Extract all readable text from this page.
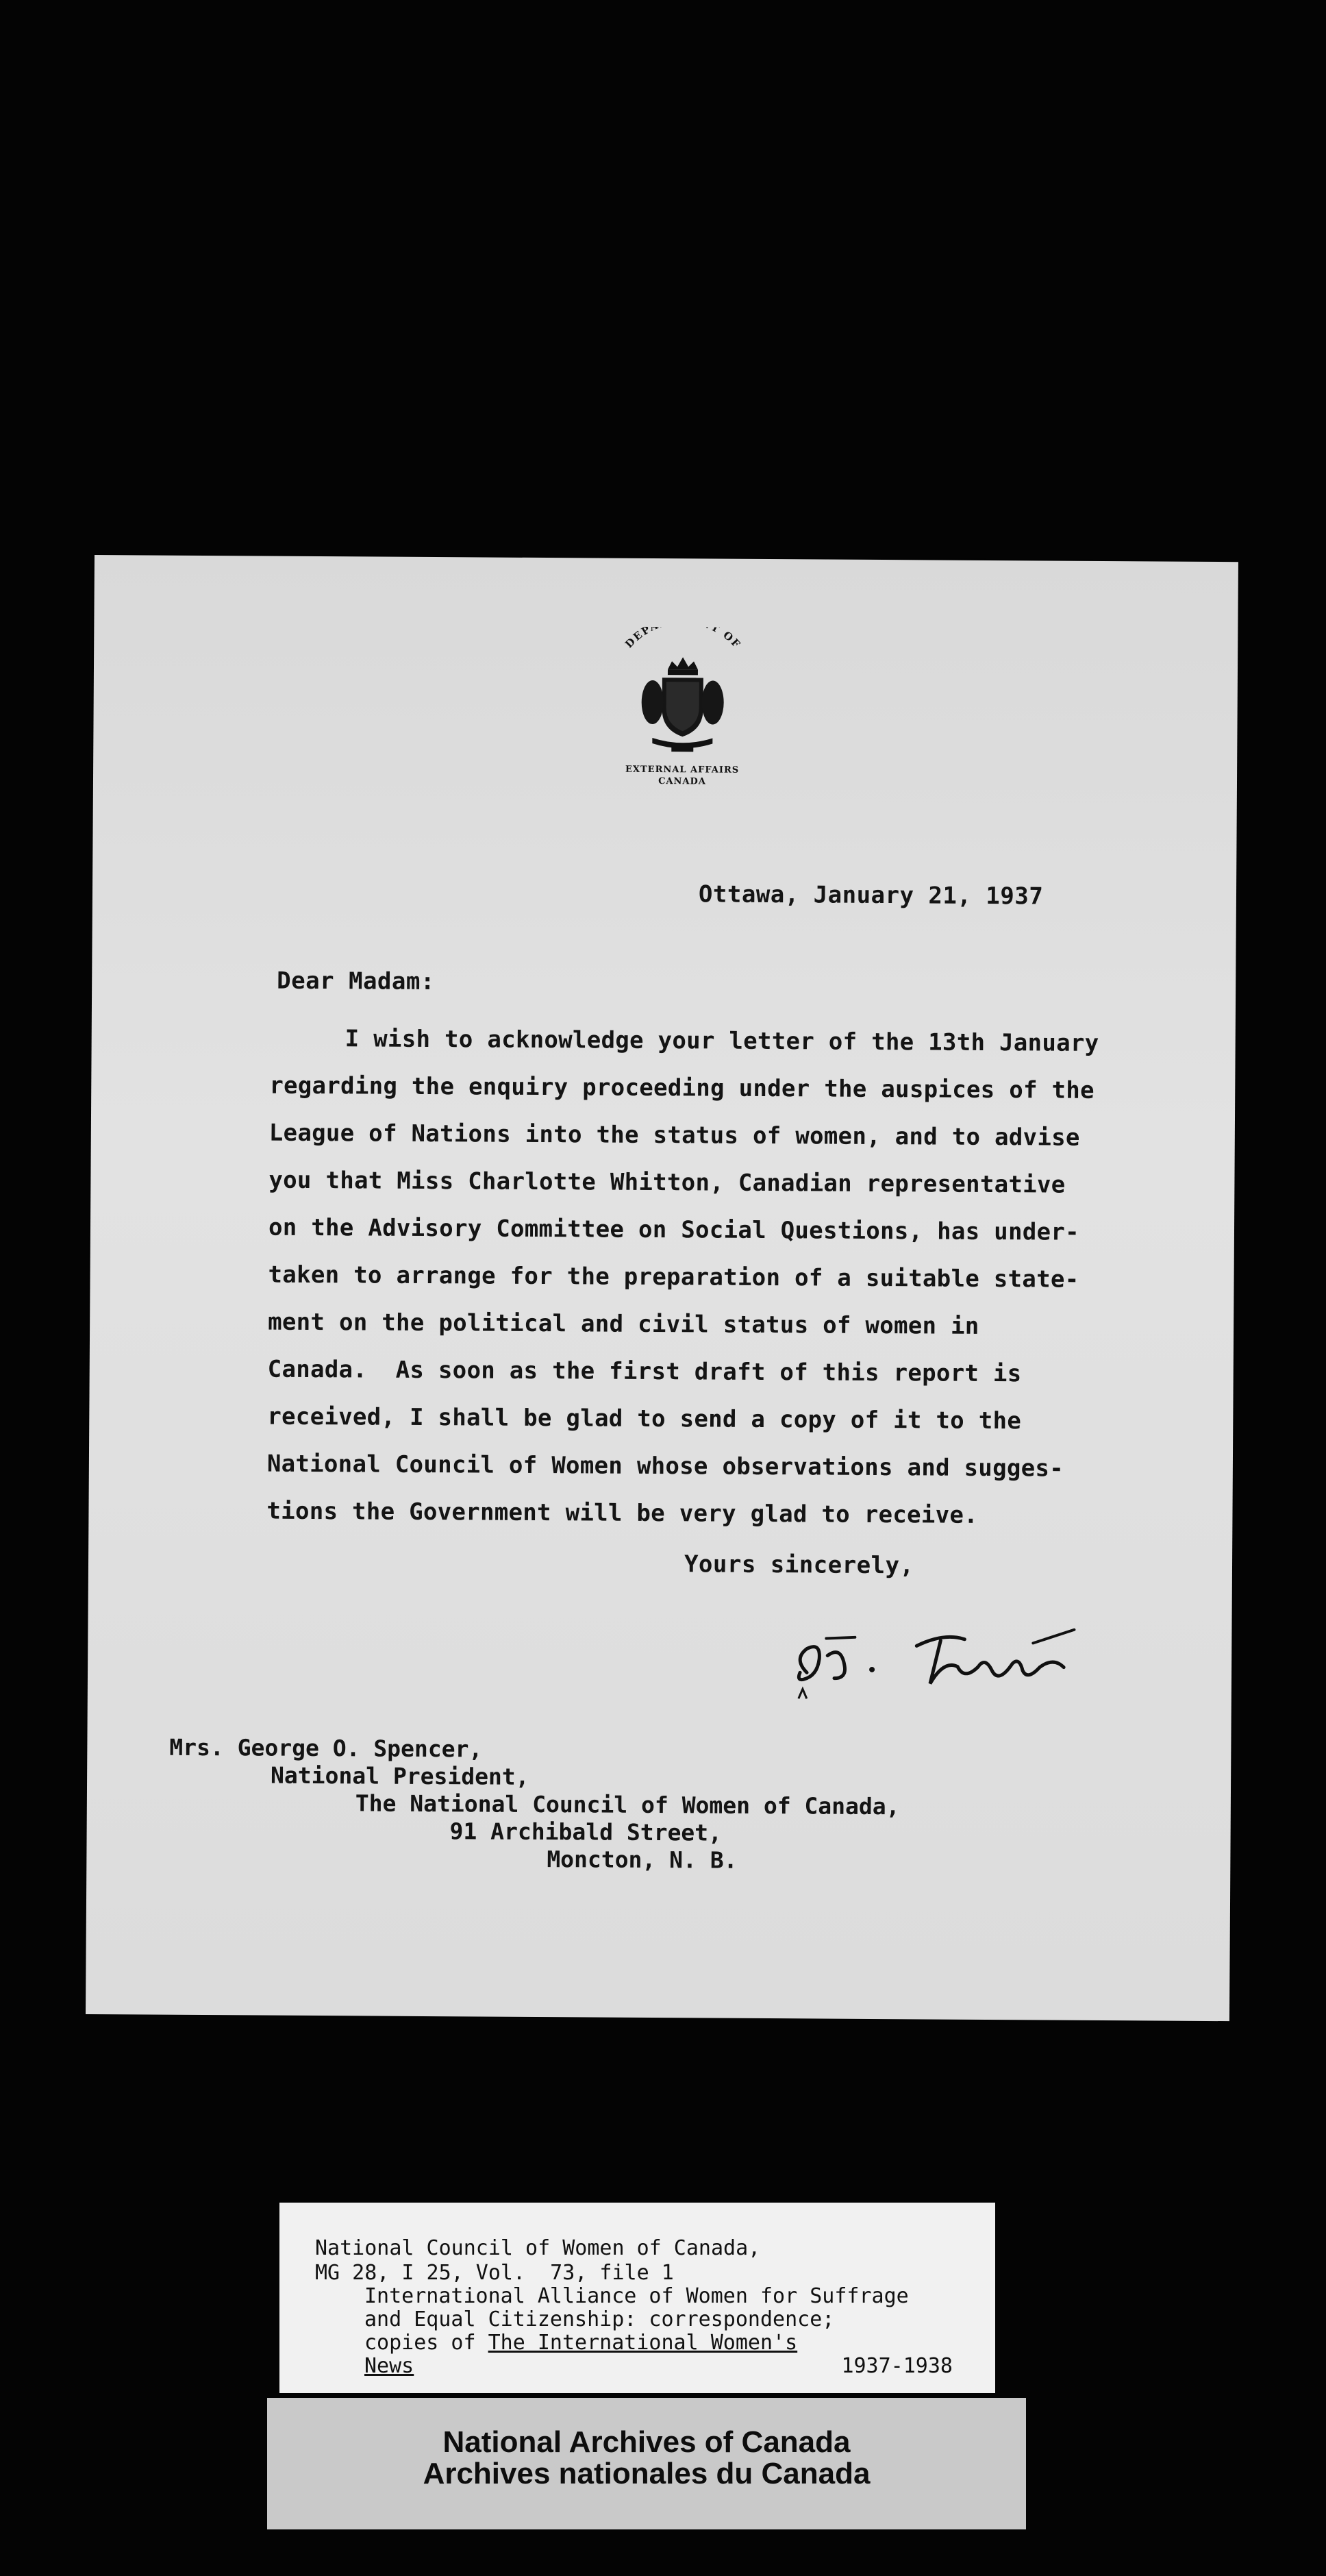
DEPARTMENT OF
EXTERNAL AFFAIRS
CANADA
Ottawa, January 21, 1937
Dear Madam:
I wish to acknowledge your letter of the 13th January
regarding the enquiry proceeding under the auspices of the
League of Nations into the status of women, and to advise
you that Miss Charlotte Whitton, Canadian representative
on the Advisory Committee on Social Questions, has under-
taken to arrange for the preparation of a suitable state-
ment on the political and civil status of women in
Canada.  As soon as the first draft of this report is
received, I shall be glad to send a copy of it to the
National Council of Women whose observations and sugges-
tions the Government will be very glad to receive.
Yours sincerely,
Mrs. George O. Spencer,
National President,
The National Council of Women of Canada,
91 Archibald Street,
Moncton, N. B.
National Council of Women of Canada,
MG 28, I 25, Vol.  73, file 1
International Alliance of Women for Suffrage
and Equal Citizenship: correspondence;
copies of The International Women's
News	1937-1938
National Archives of Canada
Archives nationales du Canada
